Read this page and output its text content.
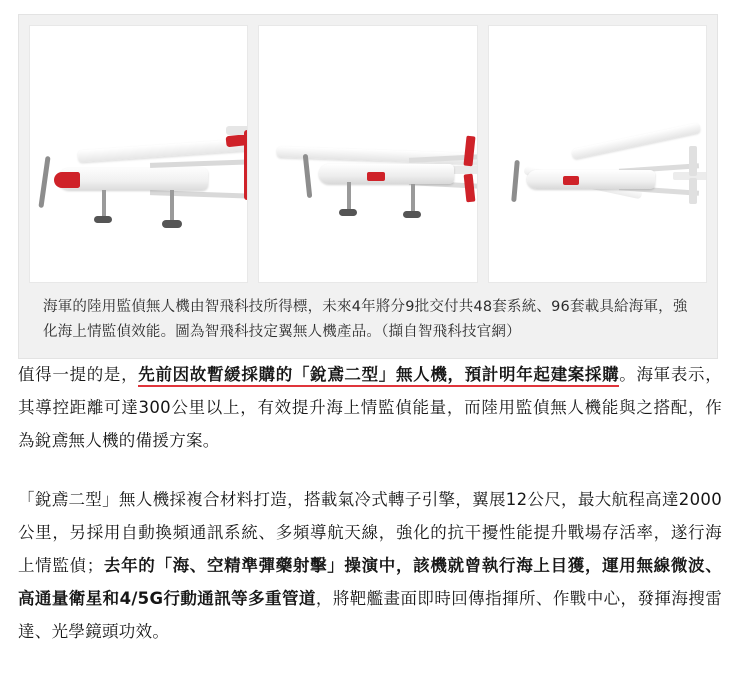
海軍的陸用監偵無人機由智飛科技所得標，未來4年將分9批交付共48套系統、96套載具給海軍，強化海上情監偵效能。圖為智飛科技定翼無人機產品。（擷自智飛科技官網）

值得一提的是，先前因故暫緩採購的「銳鳶二型」無人機，預計明年起建案採購。海軍表示，其導控距離可達300公里以上，有效提升海上情監偵能量，而陸用監偵無人機能與之搭配，作為銳鳶無人機的備援方案。

「銳鳶二型」無人機採複合材料打造，搭載氣冷式轉子引擎，翼展12公尺，最大航程高達2000公里，另採用自動換頻通訊系統、多頻導航天線，強化的抗干擾性能提升戰場存活率，遂行海上情監偵；去年的「海、空精準彈藥射擊」操演中，該機就曾執行海上目獲，運用無線微波、高通量衛星和4/5G行動通訊等多重管道，將靶艦畫面即時回傳指揮所、作戰中心，發揮海搜雷達、光學鏡頭功效。
